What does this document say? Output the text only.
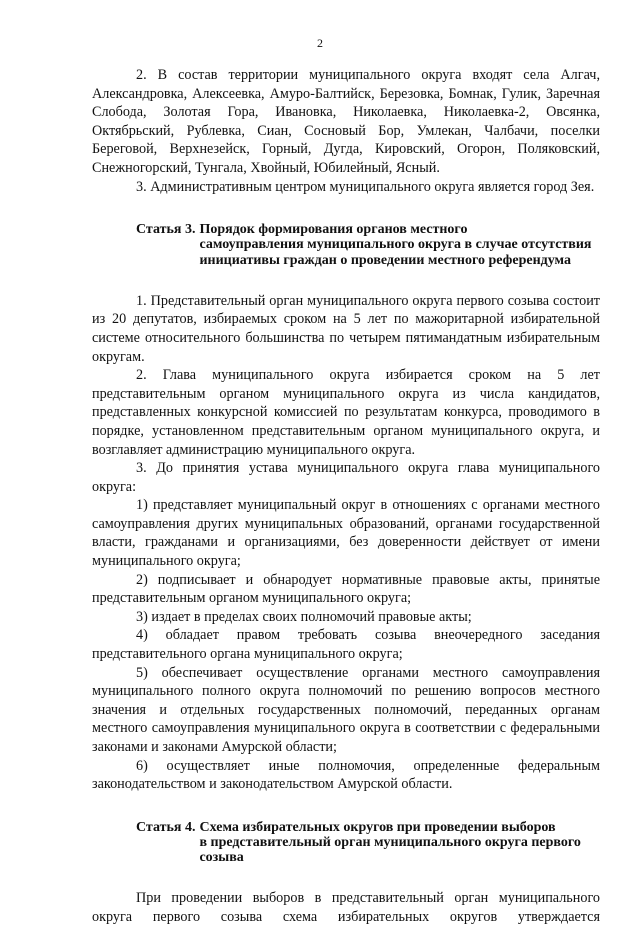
2

2. В состав территории муниципального округа входят села Алгач, Александровка, Алексеевка, Амуро-Балтийск, Березовка, Бомнак, Гулик, Заречная Слобода, Золотая Гора, Ивановка, Николаевка, Николаевка-2, Овсянка, Октябрьский, Рублевка, Сиан, Сосновый Бор, Умлекан, Чалбачи, поселки Береговой, Верхнезейск, Горный, Дугда, Кировский, Огорон, Поляковский, Снежногорский, Тунгала, Хвойный, Юбилейный, Ясный.

3. Административным центром муниципального округа является город Зея.

Статья 3. Порядок формирования органов местного
самоуправления муниципального округа в случае отсутствия инициативы граждан о проведении местного референдума

1. Представительный орган муниципального округа первого созыва состоит из 20 депутатов, избираемых сроком на 5 лет по мажоритарной избирательной системе относительного большинства по четырем пятимандатным избирательным округам.

2. Глава муниципального округа избирается сроком на 5 лет представительным органом муниципального округа из числа кандидатов, представленных конкурсной комиссией по результатам конкурса, проводимого в порядке, установленном представительным органом муниципального округа, и возглавляет администрацию муниципального округа.

3. До принятия устава муниципального округа глава муниципального округа:

1) представляет муниципальный округ в отношениях с органами местного самоуправления других муниципальных образований, органами государственной власти, гражданами и организациями, без доверенности действует от имени муниципального округа;

2) подписывает и обнародует нормативные правовые акты, принятые представительным органом муниципального округа;

3) издает в пределах своих полномочий правовые акты;

4) обладает правом требовать созыва внеочередного заседания представительного органа муниципального округа;

5) обеспечивает осуществление органами местного самоуправления муниципального полного округа полномочий по решению вопросов местного значения и отдельных государственных полномочий, переданных органам местного самоуправления муниципального округа в соответствии с федеральными законами и законами Амурской области;

6) осуществляет иные полномочия, определенные федеральным законодательством и законодательством Амурской области.

Статья 4. Схема избирательных округов при проведении выборов
в представительный орган муниципального округа первого созыва

При проведении выборов в представительный орган муниципального округа первого созыва схема избирательных округов утверждается
